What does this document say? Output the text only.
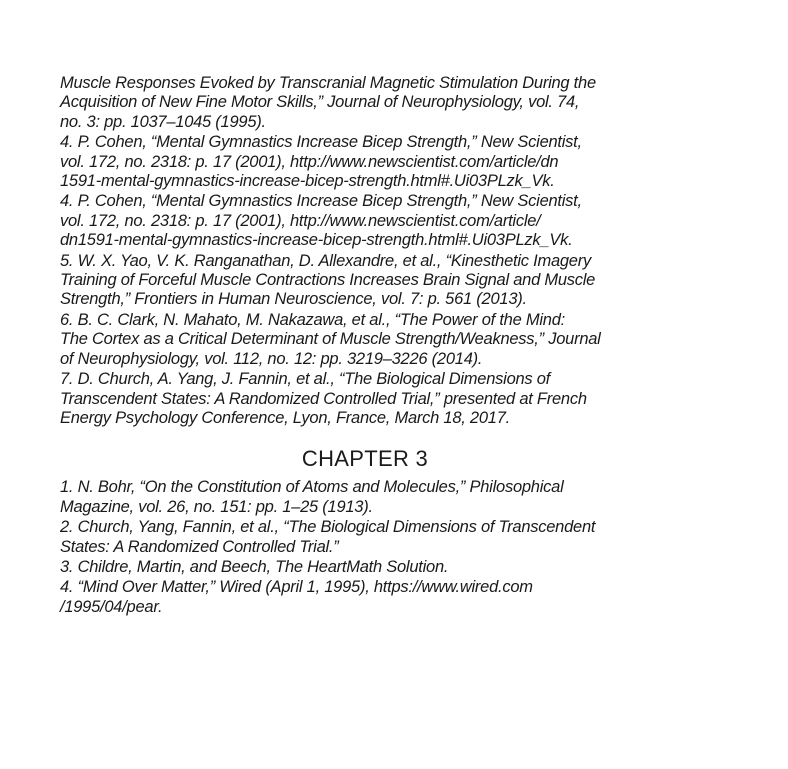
Muscle Responses Evoked by Transcranial Magnetic Stimulation During the
Acquisition of New Fine Motor Skills,” Journal of Neurophysiology, vol. 74,
no. 3: pp. 1037–1045 (1995).
4. P. Cohen, “Mental Gymnastics Increase Bicep Strength,” New Scientist,
vol. 172, no. 2318: p. 17 (2001), http://www.newscientist.com/article/dn
1591-mental-gymnastics-increase-bicep-strength.html#.Ui03PLzk_Vk.
4. P. Cohen, “Mental Gymnastics Increase Bicep Strength,” New Scientist,
vol. 172, no. 2318: p. 17 (2001), http://www.newscientist.com/article/
dn1591-mental-gymnastics-increase-bicep-strength.html#.Ui03PLzk_Vk.
5. W. X. Yao, V. K. Ranganathan, D. Allexandre, et al., “Kinesthetic Imagery
Training of Forceful Muscle Contractions Increases Brain Signal and Muscle
Strength,” Frontiers in Human Neuroscience, vol. 7: p. 561 (2013).
6. B. C. Clark, N. Mahato, M. Nakazawa, et al., “The Power of the Mind:
The Cortex as a Critical Determinant of Muscle Strength/Weakness,” Journal
of Neurophysiology, vol. 112, no. 12: pp. 3219–3226 (2014).
7. D. Church, A. Yang, J. Fannin, et al., “The Biological Dimensions of
Transcendent States: A Randomized Controlled Trial,” presented at French
Energy Psychology Conference, Lyon, France, March 18, 2017.
CHAPTER 3
1. N. Bohr, “On the Constitution of Atoms and Molecules,” Philosophical
Magazine, vol. 26, no. 151: pp. 1–25 (1913).
2. Church, Yang, Fannin, et al., “The Biological Dimensions of Transcendent
States: A Randomized Controlled Trial.”
3. Childre, Martin, and Beech, The HeartMath Solution.
4. “Mind Over Matter,” Wired (April 1, 1995), https://www.wired.com
/1995/04/pear.
